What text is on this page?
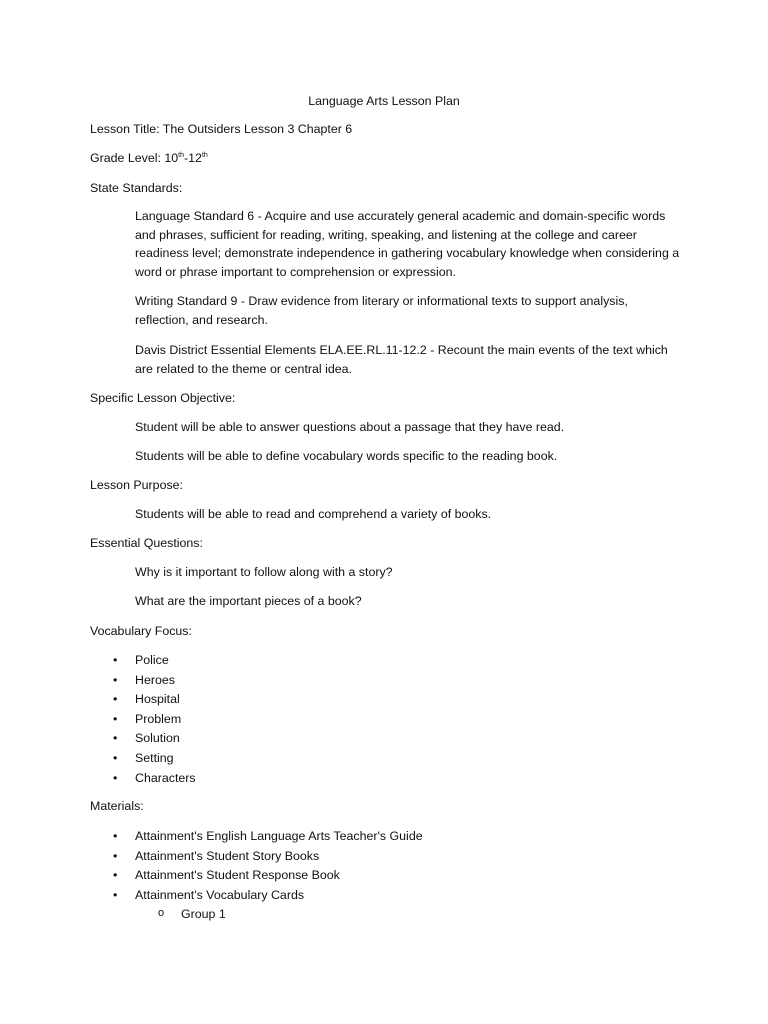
Language Arts Lesson Plan

Lesson Title: The Outsiders Lesson 3 Chapter 6

Grade Level: 10th-12th

State Standards:

Language Standard 6 - Acquire and use accurately general academic and domain-specific words and phrases, sufficient for reading, writing, speaking, and listening at the college and career readiness level; demonstrate independence in gathering vocabulary knowledge when considering a word or phrase important to comprehension or expression.

Writing Standard 9 - Draw evidence from literary or informational texts to support analysis, reflection, and research.

Davis District Essential Elements ELA.EE.RL.11-12.2 - Recount the main events of the text which are related to the theme or central idea.

Specific Lesson Objective:

Student will be able to answer questions about a passage that they have read.

Students will be able to define vocabulary words specific to the reading book.

Lesson Purpose:

Students will be able to read and comprehend a variety of books.

Essential Questions:

Why is it important to follow along with a story?

What are the important pieces of a book?

Vocabulary Focus:

• Police
• Heroes
• Hospital
• Problem
• Solution
• Setting
• Characters

Materials:

• Attainment's English Language Arts Teacher's Guide
• Attainment's Student Story Books
• Attainment's Student Response Book
• Attainment's Vocabulary Cards
o Group 1
